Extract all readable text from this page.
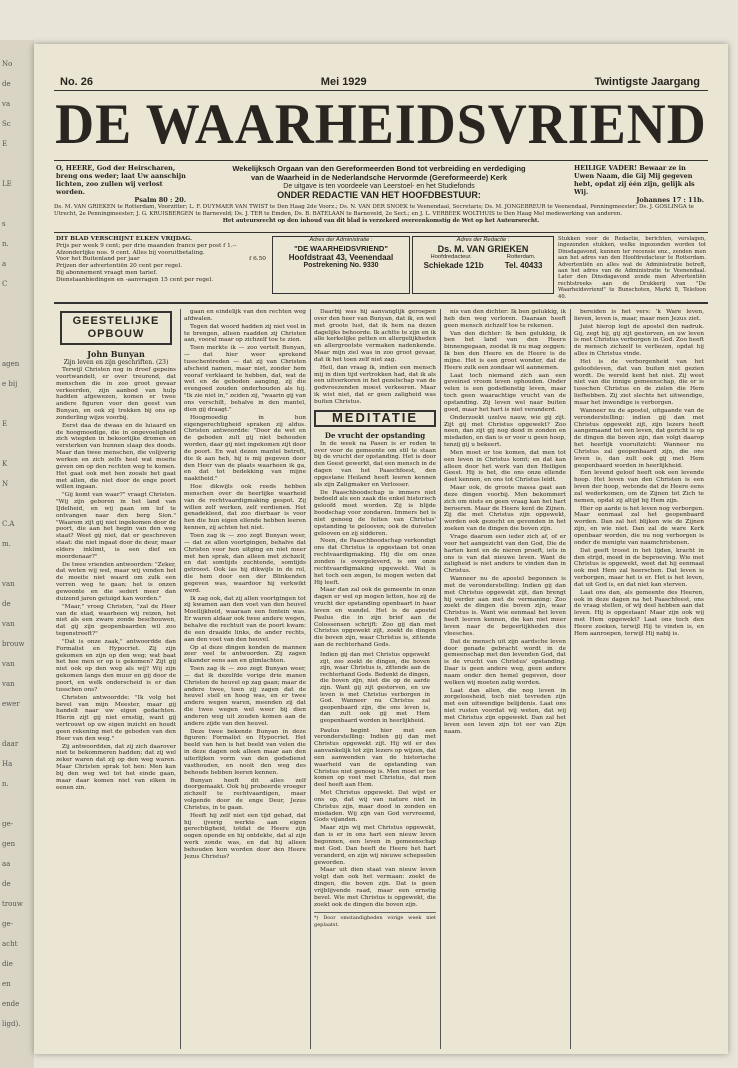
No
de
va
Sc
E
LE
s
n.
a
C
agen
e bij
E
K
N
C.A
m.
van
de
van
brouw
van
van
ewer
daar
Ha
n.
ge-
gen
aa
de
trouw
ge-
acht
die
en
ende
ligd).
No. 26	Mei 1929	Twintigste Jaargang
DE WAARHEIDSVRIEND
O, HEERE, God der Heirscharen, breng ons weder; laat Uw aanschijn lichten, zoo zullen wij verlost worden.
Psalm 80 : 20.
HEILIGE VADER! Bewaar ze in Uwen Naam, die Gij Mij gegeven hebt, opdat zij één zijn, gelijk als Wij.
Johannes 17 : 11b.
Wekelijksch Orgaan van den Gereformeerden Bond tot verbreiding en verdediging
van de Waarheid in de Nederlandsche Hervormde (Gereformeerde) Kerk
De uitgave is ten voordeele van Leerstoel- en het Studiefonds
ONDER REDACTIE VAN HET HOOFDBESTUUR:
Ds. M. VAN GRIEKEN te Rotterdam, Voorzitter; L. F. DUYMAER VAN TWIST te Den Haag 2de Voorz.; Ds. N. VAN DER SNOEK te Veenendaal, Secretaris; Ds. M. JONGEBREUR te Veenendaal, Penningmeester; Ds. J. GOSLINGA te Utrecht, 2e Penningmeester; J. G. KRUISBERGEN te Barneveld; Ds. J. TER te Emden, Ds. B. BATELAAN te Barneveld, 2e Sect.; en J. L. VERBEEK WOLTHUIS te Den Haag Mel medewerking van anderen.
Het auteursrecht op den inhoud van dit blad is verzekerd overeenkomstig de Wet op het Auteursrecht.
DIT BLAD VERSCHIJNT ELKEN VRIJDAG.
Prijs per week 9 cent; per drie maanden franco per post f 1.--
Afzonderlijke nos. 9 cent. Alles bij vooruitbetaling.
Voor het Buitenland per jaar	f 6.50
Prijzen der advertentiën 20 cent per regel.
Bij abonnement vraagt men tarief.
Dienstaanbiedingen en -aanvragen 15 cent per regel.
Adres der Administratie :
"DE WAARHEIDSVRIEND"
Hoofdstraat 43, Veenendaal
Postrekening No. 9330
Adres der Redactie :
Ds. M. VAN GRIEKEN
Hoofdredacteur.	Rotterdam.
Schiekade 121b	Tel. 40433
Stukken voor de Redactie, berichten, verslagen, ingezonden stukken, welke ingezonden worden tot Dinsdagavond, kunnen ter recensie enz., zenden men aan het adres van den Hoofdredacteur te Rotterdam. Advertentiën en alles wat de Administratie betreft, aan het adres van de Administratie te Veenendaal. Later den Dinsdagavond zonde men Advertentiën rechtstreeks aan de Drukkerij van "De Waarheidsvriend" te Bunschoten, Markt 8, Telefoon 40.
GEESTELIJKE OPBOUW
John Bunyan
Zijn leven en zijn geschriften. (23)

Terwijl Christen nog in droef gepeins voortwandelt, er over treurend, dat menschen die in zoo groot gevaar verkeerden, zijn aanbod van hulp hadden afgewezen, komen er twee andere figuren voor den geest van Bunyan, en ook zij trekken bij ons op zonderling wijze voorbij.

Eerst daa de dwaas en de luiaard en de hoogmoedige, die in ongevoeligheid zich wiegden in bekoorlijke dromen en versterken van hunnen slaap des doods. Maar dan twee menschen, die volijverig werken en zich zelfs heel wat moeite geven om op den rechten weg te komen. Het gaat ook met hen zooals het gaat met allen, die niet door de enge poort willen ingaan.

"Gij komt van waar?" vraagt Christen. "Wij zijn geboren in het land van IJdelheid, en wij gaan om lof te ontvangen naar den berg Sion." "Waarom zijt gij niet ingekomen door de poort, die aan het begin van den weg staat? Weet gij niet, dat er geschreven staat: die niet ingaat door de deur, maar elders inklimt, is een dief en moordenaar?"

De twee vrienden antwoorden: "Zeker, dat weten wij wel, maar wij vonden het de moeite niet waard om zulk een verren weg te gaan; het is onzen gewoonte en die sedert meer dan duizend jaren getuigd kan worden."

"Maar," vroeg Christen, "zal de Heer van de stad, waarheen wij reizen, het niet als een zware zonde beschouwen, dat gij zijn geopenbaarden wil zoo tegenstreeft?"

"Dat is onze zaak," antwoordde dan Formalist en Hypocriet. Zij zijn gekomen en zijn op den weg; wat baat het hoe men er op is gekomen? Zijt gij niet ook op den weg als wij? Wij zijn gekomen langs den muur en gij door de poort, en welk onderscheid is er dan tusschen ons?

Christen antwoordde: "Ik volg het bevel van mijn Meester, maar gij handelt naar uw eigen gedachten. Hierin zijt gij niet ernstig, want gij vertrouwt op uw eigen inzicht en houdt geen rekening met de geboden van den Heer van den weg."

Zij antwoordden, dat zij zich daarover niet te bekommeren hadden; dat zij wel zeker waren dat zij op den weg waren. Maar Christen sprak tot hen: Men kan bij den weg wel tot het einde gaan, maar daar komen niet van elken in eenen zin.

gaan en eindelijk van den rechten weg afdwalen.

Tegen dat woord hadden zij niet veel in te brengen, alleen raadden zij Christen aan, vooral maar op zichzelf toe te zien.

Toen merkte ik — zoo vertelt Bunyan, — dat hier weer sprekend tusschentreden — dat zij van Christen afscheid namen, maar niet, zonder hem vooraf verklaard te hebben, dat, wat de wet en de geboden aanging, zij die evengoed zouden onderhouden als hij. "Ik zie niet in," zeiden zij, "waarin gij van ons verschilt, behalve in den mantel, dien gij draagt."

Hoogmoedig in hun eigengerechtigheid spraken zij aldus. Christen antwoordde: "Door de wet en de geboden zult gij niet behouden worden, daar gij niet ingekomen zijt door de poort. En wat dezen mantel betreft, die ik aan heb, hij is mij gegeven door den Heer van de plaats waarheen ik ga, en dat tot bedekking van mijne naaktheid."

Hoe dikwijls ook reeds hebben menschen over de heerlijke waarheid van de rechtvaardigmaking gespot. Zij willen zelf werken, zelf verdienen. Het genadekleed, dat zoo dierbaar is voor hen die hun eigen ellende hebben leeren kennen, zij achten het niet.

Toen zag ik — zoo zegt Bunyan weer, — dat ze allen voortgingen, behalve dat Christen voor hen uitging en niet meer met hen sprak, dan alleen met zichzelf, en dat somtijds zuchtende, somtijds getroost. Ook las hij dikwijls in de rol, die hem door een der Blinkenden gegeven was, waardoor hij verkwikt werd.

Ik zag ook, dat zij allen voortgingen tot zij kwamen aan den voet van den heuvel Moeilijkheid, waaraan een fontein was. Er waren aldaar ook twee andere wegen, behalve die rechtuit van de poort kwam: de een draaide links, de ander rechts, aan den voet van den heuvel.

Op al deze dingen konden de mannen zeer veel te antwoorden. Zij zagen elkander eens aan en glimlachten.

Toen zag ik — zoo zegt Bunyan weer, — dat ik dezelfde vorige drie manen Christen de heuvel op zag gaan; maar de andere twee, toen zij zagen dat de heuvel steil en hoog was, en er twee andere wegen waren, meenden zij dat die twee wegen wel weer bij dien anderen weg uit zouden komen aan de andere zijde van den heuvel.

Deze twee bekende Bunyan in deze figuren: Formalist en Hypocriet. Het beeld van hen is het beeld van velen die in deze dagen ook alleen maar aan den uiterlijken vorm van den godsdienst vasthouden, en nooit den weg des behouds hebben leeren kennen.

Bunyan heeft dit alles zelf doorgemaakt. Ook hij probeerde vroeger zichzelf te rechtvaardigen, maar volgende door de enge Deur, Jezus Christus, in te gaan.

Heeft hij zelf niet een tijd gehad, dat hij ijverig werkte aan eigen gerechtigheid, totdat de Heere zijn oogen opende en hij ontdekte, dat al zijn werk zonde was, en dat hij alleen behouden kon worden door den Heere Jezus Christus?

Daarbij was hij aanvanglijk geroepen over den heer van Bunyan, dat ik, en wel met groote lust, dat ik hem na dezen dagelijks behoorde. Ik achtte te zijn en ik alle kerkelijke petten en allergelijkheden en allergrootste vermaken nadenkende. Maar mijn ziel was in zoo groot gevaar, dat ik het toen zelf niet zag.

Heil, dan vraag ik, indien een mensch mij in dien tijd vertrokken had, dat ik als een uitverkoren in het gezelschap van de godvreezenden moest verkeeren. Maar ik wist niet, dat er geen zaligheid was buiten Christus.

MEDITATIE
De vrucht der opstanding

In de week na Pasen is er reden te over voor de gemeente om stil te staan bij de vrucht der opstanding. Het is door den Geest gewerkt, dat een mensch in de dagen van het Paaschfeest, den opgestane Heiland heeft leeren kennen als zijn Zaligmaker en Verlosser.

De Paaschboodschap is immers niet bedoeld als een zaak die enkel historisch geloofd moet worden. Zij is blijde boodschap voor zondaren. Immers het is niet genoeg de feiten van Christus' opstanding te gelooven; ook de duivelen gelooven en zij sidderen.

Neen, de Paaschboodschap verkondigt ons dat Christus is opgestaan tot onze rechtvaardigmaking. Hij die om onze zonden is overgeleverd, is om onze rechtvaardigmaking opgewekt. Wat is het toch een zegen, te mogen weten dat Hij leeft.

Maar dan zal ook de gemeente in onze dagen er wel op mogen letten, hoe zij de vrucht der opstanding openbaart in haar leven en wandel. Het is de apostel Paulus die in zijn brief aan de Colossensen schrijft: Zoo gij dan met Christus opgewekt zijt, zoekt de dingen die boven zijn, waar Christus is, zittende aan de rechterhand Gods.

Indien gij dan met Christus opgewekt zijt, zoo zoekt de dingen, die boven zijn, waar Christus is, zittende aan de rechterhand Gods. Bedenkt de dingen, die boven zijn, niet die op de aarde zijn. Want gij zijt gestorven, en uw leven is met Christus verborgen in God. Wanneer nu Christus zal geopenbaard zijn, die ons leven is, dan zult ook gij met Hem geopenbaard worden in heerlijkheid.

Paulus begint hier met een veronderstelling: Indien gij dan met Christus opgewekt zijt. Hij wil er des aanvankelijk tot zijn lezers op wijzen, dat een aanwenden van de historische waarheid van de opstanding van Christus niet genoeg is. Men moet er toe komen op voet met Christus, dat men deel heeft aan Hem.

Met Christus opgewekt. Dat wijst er ons op, dat wij van nature niet in Christus zijn, maar dood in zonden en misdaden. Wij zijn van God vervreemd, Gods vijanden.

Maar zijn wij met Christus opgewekt, dan is er in ons hart een nieuw leven begonnen, een leven in gemeenschap met God. Dan heeft de Heere het hart veranderd, en zijn wij nieuwe schepselen geworden.

Maar uit dien staat van nieuw leven volgt dan ook het vermaan: zoekt de dingen, die boven zijn. Dat is geen vrijblijvende raad, maar een ernstig bevel. Wie met Christus is opgewekt, die zoekt ook de dingen die boven zijn.

*) Door omstandigheden vorige week niet geplaatst.

nis van den dichter: Ik ben gelukkig, ik heb den weg verloren. Daaraan heeft geen mensch zichzelf toe te rekenen.

Van den dichter: Ik ben gelukkig, ik ben het land van den Heere binnengegaan, zoodat ik nu mag zeggen: Ik ben den Heere en de Heere is de mijne. Het is een groot wonder, dat de Heere zulk een zondaar wil aannemen.

Laat toch niemand zich aan een geveinsd vroom leven ophouden. Onder velen is een godsdienstig leven, maar toch geen waarachtige vrucht van de opstanding. Zij leven wel naar buiten goed, maar het hart is niet veranderd.

Onderzoekt uzelve nauw, wie gij zijt. Zijt gij met Christus opgewekt? Zoo neen, dan zijt gij nog dood in zonden en misdaden, en dan is er voor u geen hoop, tenzij gij u bekeert.

Men moet er toe komen, dat men tot een leven in Christus komt; en dat kan alleen door het werk van den Heiligen Geest. Hij is het, die ons onze ellende doet kennen, en ons tot Christus leidt.

Maar ook, de groote massa gaat aan deze dingen voorbij. Men bekommert zich om niets en geen vraag kan het hart beroeren. Maar de Heere kent de Zijnen. Zij die met Christus zijn opgewekt, worden ook gezocht en gevonden in het zoeken van de dingen die boven zijn.

Vrage daarom een ieder zich af, of er voor het aangezicht van den God, Die de harten kent en de nieren proeft, iets in ons is van dat nieuwe leven. Want de zaligheid is niet anders te vinden dan in Christus.

Wanneer nu de apostel begonnen is met de veronderstelling: Indien gij dan met Christus opgewekt zijt, dan brengt hij verder aan met de vermaning: Zoo zoekt de dingen die boven zijn, waar Christus is. Want wie eenmaal het leven heeft leeren kennen, die kan niet meer leven naar de begeerlijkheden des vleesches.

Dat de mensch uit zijn aardsche leven door genade gebracht wordt in de gemeenschap met den levenden God, dat is de vrucht van Christus' opstanding. Daar is geen andere weg, geen andere naam onder den hemel gegeven, door welken wij moeten zalig worden.

Laat dan allen, die nog leven in zorgeloosheid, toch niet tevreden zijn met een uitwendige belijdenis. Laat ons niet rusten voordat wij weten, dat wij met Christus zijn opgewekt. Dan zal het leven een leven zijn tot eer van Zijn naam.

bereiden is het vers: 'k Ware leven, lieven, leven is, maar, maar men Jezus ziet.

Juist hierop legt de apostel den nadruk. Gij, zegt hij, gij zijt gestorven, en uw leven is met Christus verborgen in God. Zoo heeft de mensch zichzelf te verliezen, opdat hij alles in Christus vinde.

Het is de verborgenheid van het geloofsleven, dat van buiten niet gezien wordt. De wereld kent het niet. Zij weet niet van die innige gemeenschap, die er is tusschen Christus en de zielen die Hem liefhebben. Zij ziet slechts het uitwendige, maar het inwendige is verborgen.

Wanneer nu de apostel, uitgaande van de veronderstelling: indien gij dan met Christus opgewekt zijt, zijn lezers heeft aangemaand tot een leven, dat gericht is op de dingen die boven zijn, dan volgt daarop het heerlijk vooruitzicht: Wanneer nu Christus zal geopenbaard zijn, die ons leven is, dan zult ook gij met Hem geopenbaard worden in heerlijkheid.

Een levend geloof heeft ook een levende hoop. Het leven van den Christen is een leven der hoop, wetende dat de Heere eens zal wederkomen, om de Zijnen tot Zich te nemen, opdat zij altijd bij Hem zijn.

Hier op aarde is het leven nog verborgen. Maar eenmaal zal het geopenbaard worden. Dan zal het blijken wie de Zijnen zijn, en wie niet. Dan zal de ware Kerk openbaar worden, die nu nog verborgen is onder de menigte van naamchristenen.

Dat geeft troost in het lijden, kracht in den strijd, moed in de beproeving. Wie met Christus is opgewekt, weet dat hij eenmaal ook met Hem zal heerschen. Dat leven is verborgen, maar het is er. Het is het leven, dat uit God is, en dat niet kan sterven.

Laat ons dan, als gemeente des Heeren, ook in deze dagen na het Paaschfeest, ons de vraag stellen, of wij deel hebben aan dat leven. Hij is opgestaan! Maar zijn ook wij met Hem opgewekt? Laat ons toch den Heere zoeken, terwijl Hij te vinden is, en Hem aanroepen, terwijl Hij nabij is.
